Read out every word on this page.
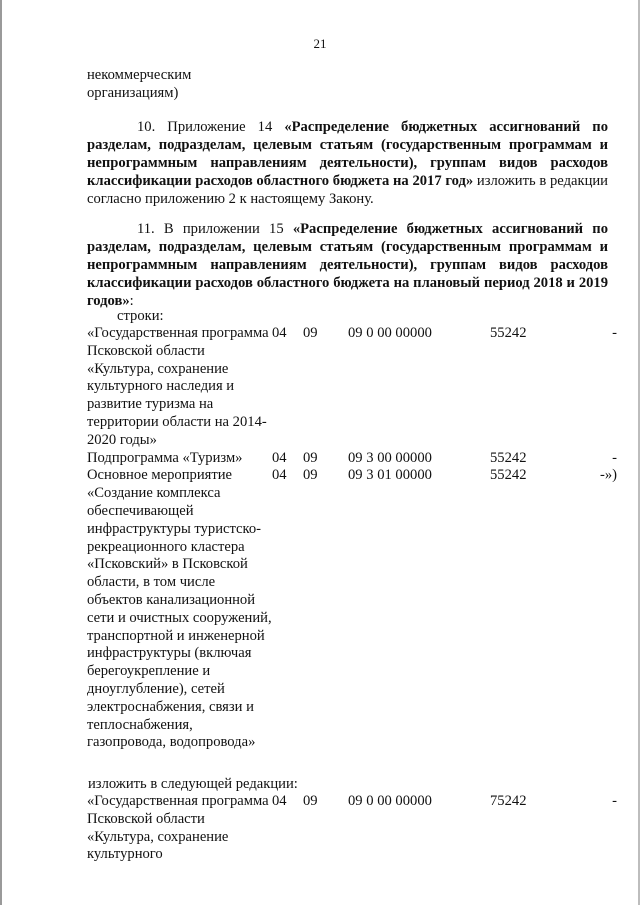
21
некоммерческим
организациям)
10. Приложение 14 «Распределение бюджетных ассигнований по разделам, подразделам, целевым статьям (государственным программам и непрограммным направлениям деятельности), группам видов расходов классификации расходов областного бюджета на 2017 год» изложить в редакции согласно приложению 2 к настоящему Закону.
11. В приложении 15 «Распределение бюджетных ассигнований по разделам, подразделам, целевым статьям (государственным программам и непрограммным направлениям деятельности), группам видов расходов классификации расходов областного бюджета на плановый период 2018 и 2019 годов»:
строки:
«Государственная программа Псковской области «Культура, сохранение культурного наследия и развитие туризма на территории области на 2014-2020 годы»	04	09	09 0 00 00000	55242	-
Подпрограмма «Туризм»	04	09	09 3 00 00000	55242	-
Основное мероприятие «Создание комплекса обеспечивающей инфраструктуры туристско-рекреационного кластера «Псковский» в Псковской области, в том числе объектов канализационной сети и очистных сооружений, транспортной и инженерной инфраструктуры (включая берегоукрепление и дноуглубление), сетей электроснабжения, связи и теплоснабжения, газопровода, водопровода»	04	09	09 3 01 00000	55242	-»)
изложить в следующей редакции:
«Государственная программа Псковской области «Культура, сохранение культурного	04	09	09 0 00 00000	75242	-
